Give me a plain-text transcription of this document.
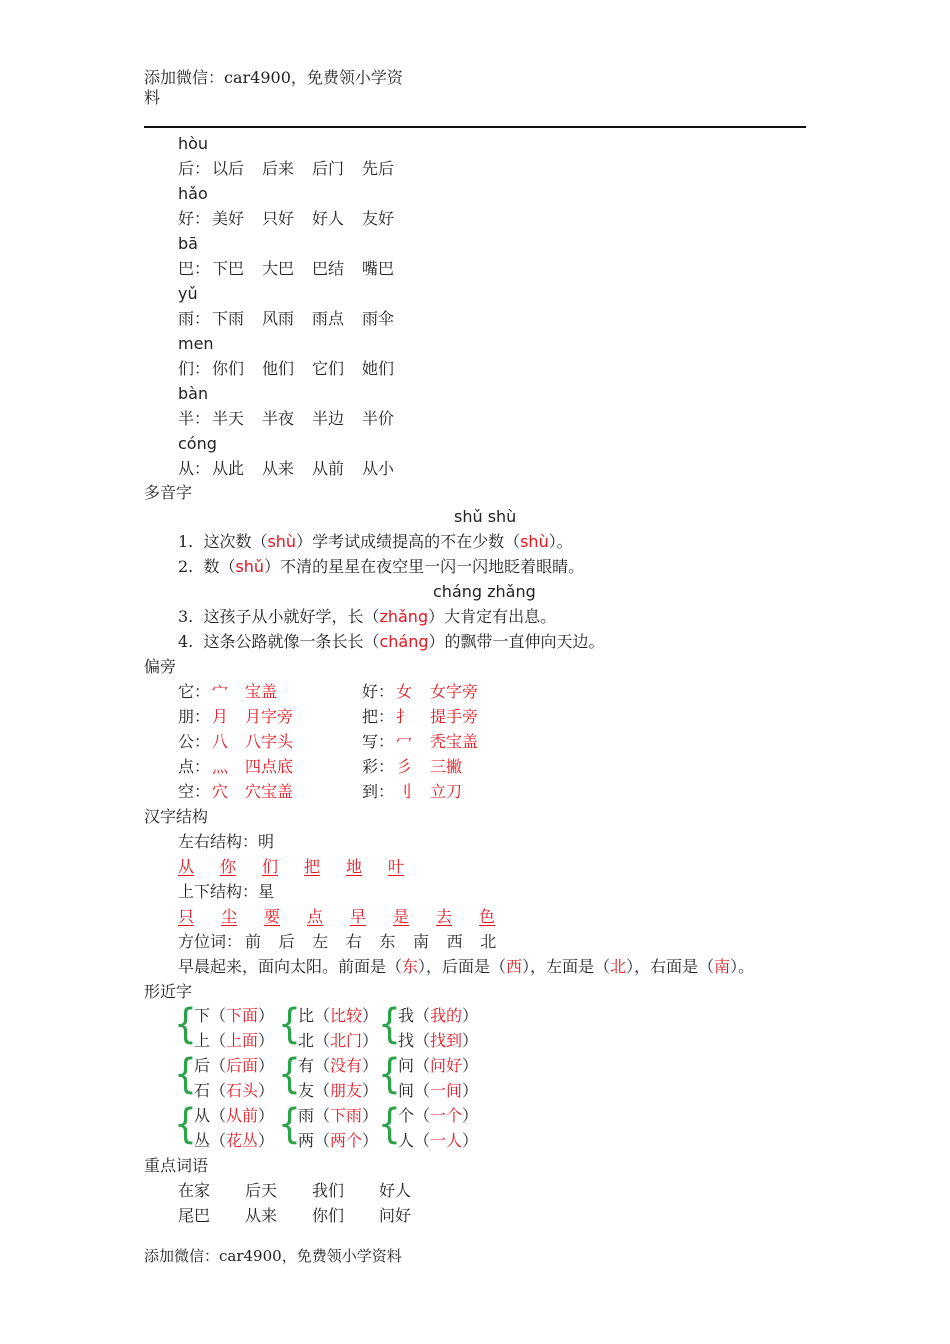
添加微信：car4900，免费领小学资
料
hòu
后： 以后 后来 后门 先后
hǎo
好： 美好 只好 好人 友好
bā
巴： 下巴 大巴 巴结 嘴巴
yǔ
雨： 下雨 风雨 雨点 雨伞
men
们： 你们 他们 它们 她们
bàn
半： 半天 半夜 半边 半价
cóng
从： 从此 从来 从前 从小
多音字
shǔ shù
1. 这次数（shù）学考试成绩提高的不在少数（shù）。
2. 数（shǔ）不清的星星在夜空里一闪一闪地眨着眼睛。
cháng zhǎng
3. 这孩子从小就好学，长（zhǎng）大肯定有出息。
4. 这条公路就像一条长长（cháng）的飘带一直伸向天边。
偏旁
它： 宀 宝盖
朋： 月 月字旁
公： 八 八字头
点： 灬 四点底
空： 穴 穴宝盖
好： 女 女字旁
把： 扌 提手旁
写： 冖 秃宝盖
彩： 彡 三撇
到： 刂 立刀
汉字结构
左右结构：明
从 你 们 把 地 叶
上下结构：星
只 尘 要 点 早 是 去 色
方位词： 前 后 左 右 东 南 西 北
早晨起来，面向太阳。前面是（东），后面是（西），左面是（北），右面是（南）。
形近字
{
下（下面）
上（上面） {
比（比较）
北（北门） {
我（我的）
找（找到）
{
后（后面）
石（石头） {
有（没有）
友（朋友） {
问（问好）
间（一间）
{
从（从前）
丛（花丛） {
雨（下雨）
两（两个） {
个（一个）
人（一人）
重点词语
在家 后天 我们 好人
尾巴 从来 你们 问好
添加微信：car4900，免费领小学资料
